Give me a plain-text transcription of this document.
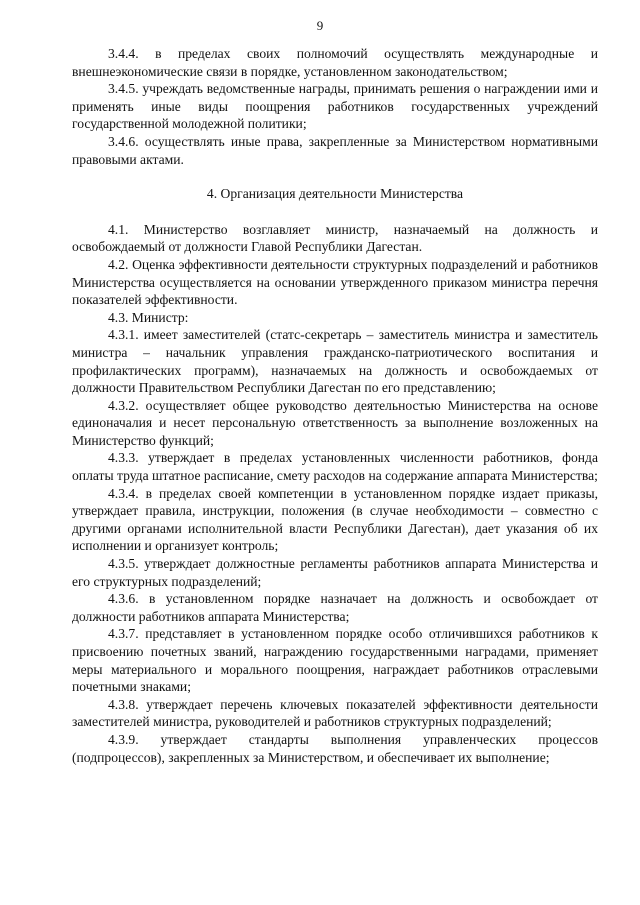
9

3.4.4. в пределах своих полномочий осуществлять международные и внешнеэкономические связи в порядке, установленном законодательством;

3.4.5. учреждать ведомственные награды, принимать решения о награждении ими и применять иные виды поощрения работников государственных учреждений государственной молодежной политики;

3.4.6. осуществлять иные права, закрепленные за Министерством нормативными правовыми актами.

4. Организация деятельности Министерства

4.1. Министерство возглавляет министр, назначаемый на должность и освобождаемый от должности Главой Республики Дагестан.

4.2. Оценка эффективности деятельности структурных подразделений и работников Министерства осуществляется на основании утвержденного приказом министра перечня показателей эффективности.

4.3. Министр:

4.3.1. имеет заместителей (статс-секретарь – заместитель министра и заместитель министра – начальник управления гражданско-патриотического воспитания и профилактических программ), назначаемых на должность и освобождаемых от должности Правительством Республики Дагестан по его представлению;

4.3.2. осуществляет общее руководство деятельностью Министерства на основе единоначалия и несет персональную ответственность за выполнение возложенных на Министерство функций;

4.3.3. утверждает в пределах установленных численности работников, фонда оплаты труда штатное расписание, смету расходов на содержание аппарата Министерства;

4.3.4. в пределах своей компетенции в установленном порядке издает приказы, утверждает правила, инструкции, положения (в случае необходимости – совместно с другими органами исполнительной власти Республики Дагестан), дает указания об их исполнении и организует контроль;

4.3.5. утверждает должностные регламенты работников аппарата Министерства и его структурных подразделений;

4.3.6. в установленном порядке назначает на должность и освобождает от должности работников аппарата Министерства;

4.3.7. представляет в установленном порядке особо отличившихся работников к присвоению почетных званий, награждению государственными наградами, применяет меры материального и морального поощрения, награждает работников отраслевыми почетными знаками;

4.3.8. утверждает перечень ключевых показателей эффективности деятельности заместителей министра, руководителей и работников структурных подразделений;

4.3.9. утверждает стандарты выполнения управленческих процессов (подпроцессов), закрепленных за Министерством, и обеспечивает их выполнение;
